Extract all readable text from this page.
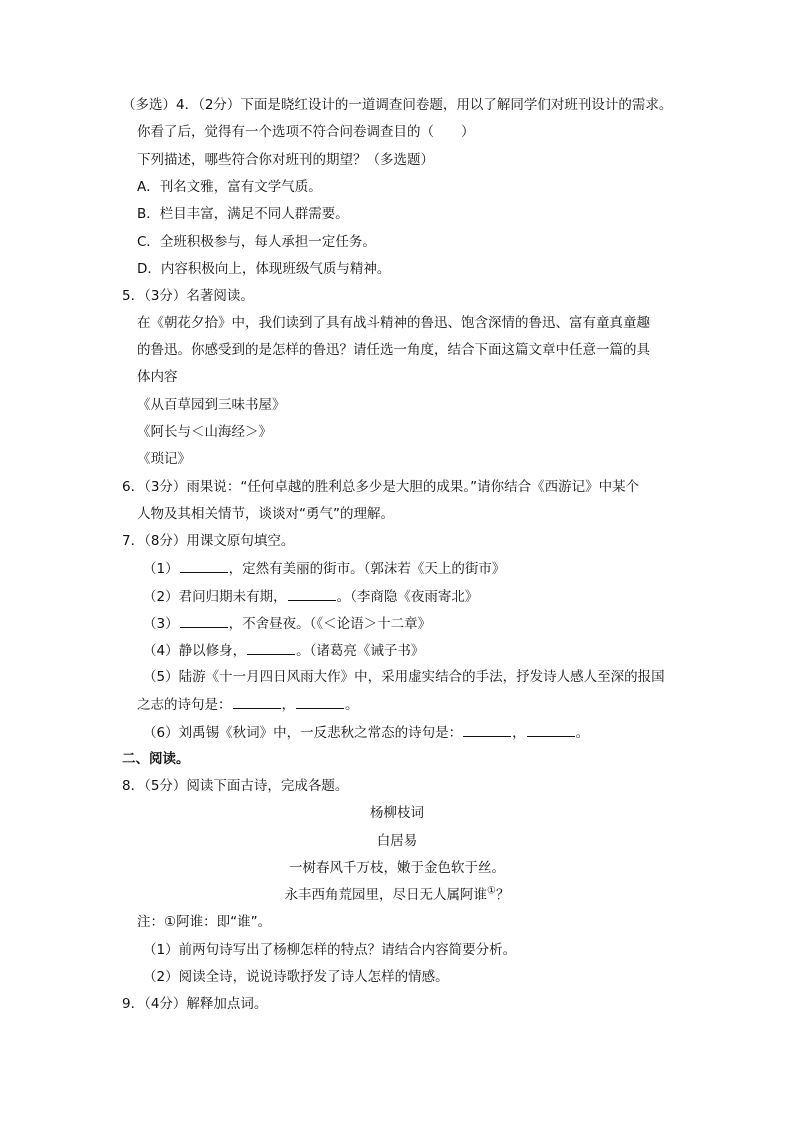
（多选）4．（2分）下面是晓红设计的一道调查问卷题，用以了解同学们对班刊设计的需求。
你看了后，觉得有一个选项不符合问卷调查目的（　　）
下列描述，哪些符合你对班刊的期望？（多选题）
A．刊名文雅，富有文学气质。
B．栏目丰富，满足不同人群需要。
C．全班积极参与，每人承担一定任务。
D．内容积极向上，体现班级气质与精神。
5．（3分）名著阅读。
在《朝花夕拾》中，我们读到了具有战斗精神的鲁迅、饱含深情的鲁迅、富有童真童趣
的鲁迅。你感受到的是怎样的鲁迅？请任选一角度，结合下面这篇文章中任意一篇的具
体内容
《从百草园到三味书屋》
《阿长与＜山海经＞》
《琐记》
6．（3分）雨果说：“任何卓越的胜利总多少是大胆的成果。”请你结合《西游记》中某个
人物及其相关情节，谈谈对“勇气”的理解。
7．（8分）用课文原句填空。
（1）	，定然有美丽的街市。（郭沫若《天上的街市》
（2）君问归期未有期，	。（李商隐《夜雨寄北》
（3）	，不舍昼夜。（《＜论语＞十二章》
（4）静以修身，	。（诸葛亮《诫子书》
（5）陆游《十一月四日风雨大作》中，采用虚实结合的手法，抒发诗人感人至深的报国
之志的诗句是：	，	。
（6）刘禹锡《秋词》中，一反悲秋之常态的诗句是：	，	。
二、阅读。
8．（5分）阅读下面古诗，完成各题。
杨柳枝词
白居易
一树春风千万枝，嫩于金色软于丝。
永丰西角荒园里，尽日无人属阿谁①？
注：①阿谁：即“谁”。
（1）前两句诗写出了杨柳怎样的特点？请结合内容简要分析。
（2）阅读全诗，说说诗歌抒发了诗人怎样的情感。
9．（4分）解释加点词。
